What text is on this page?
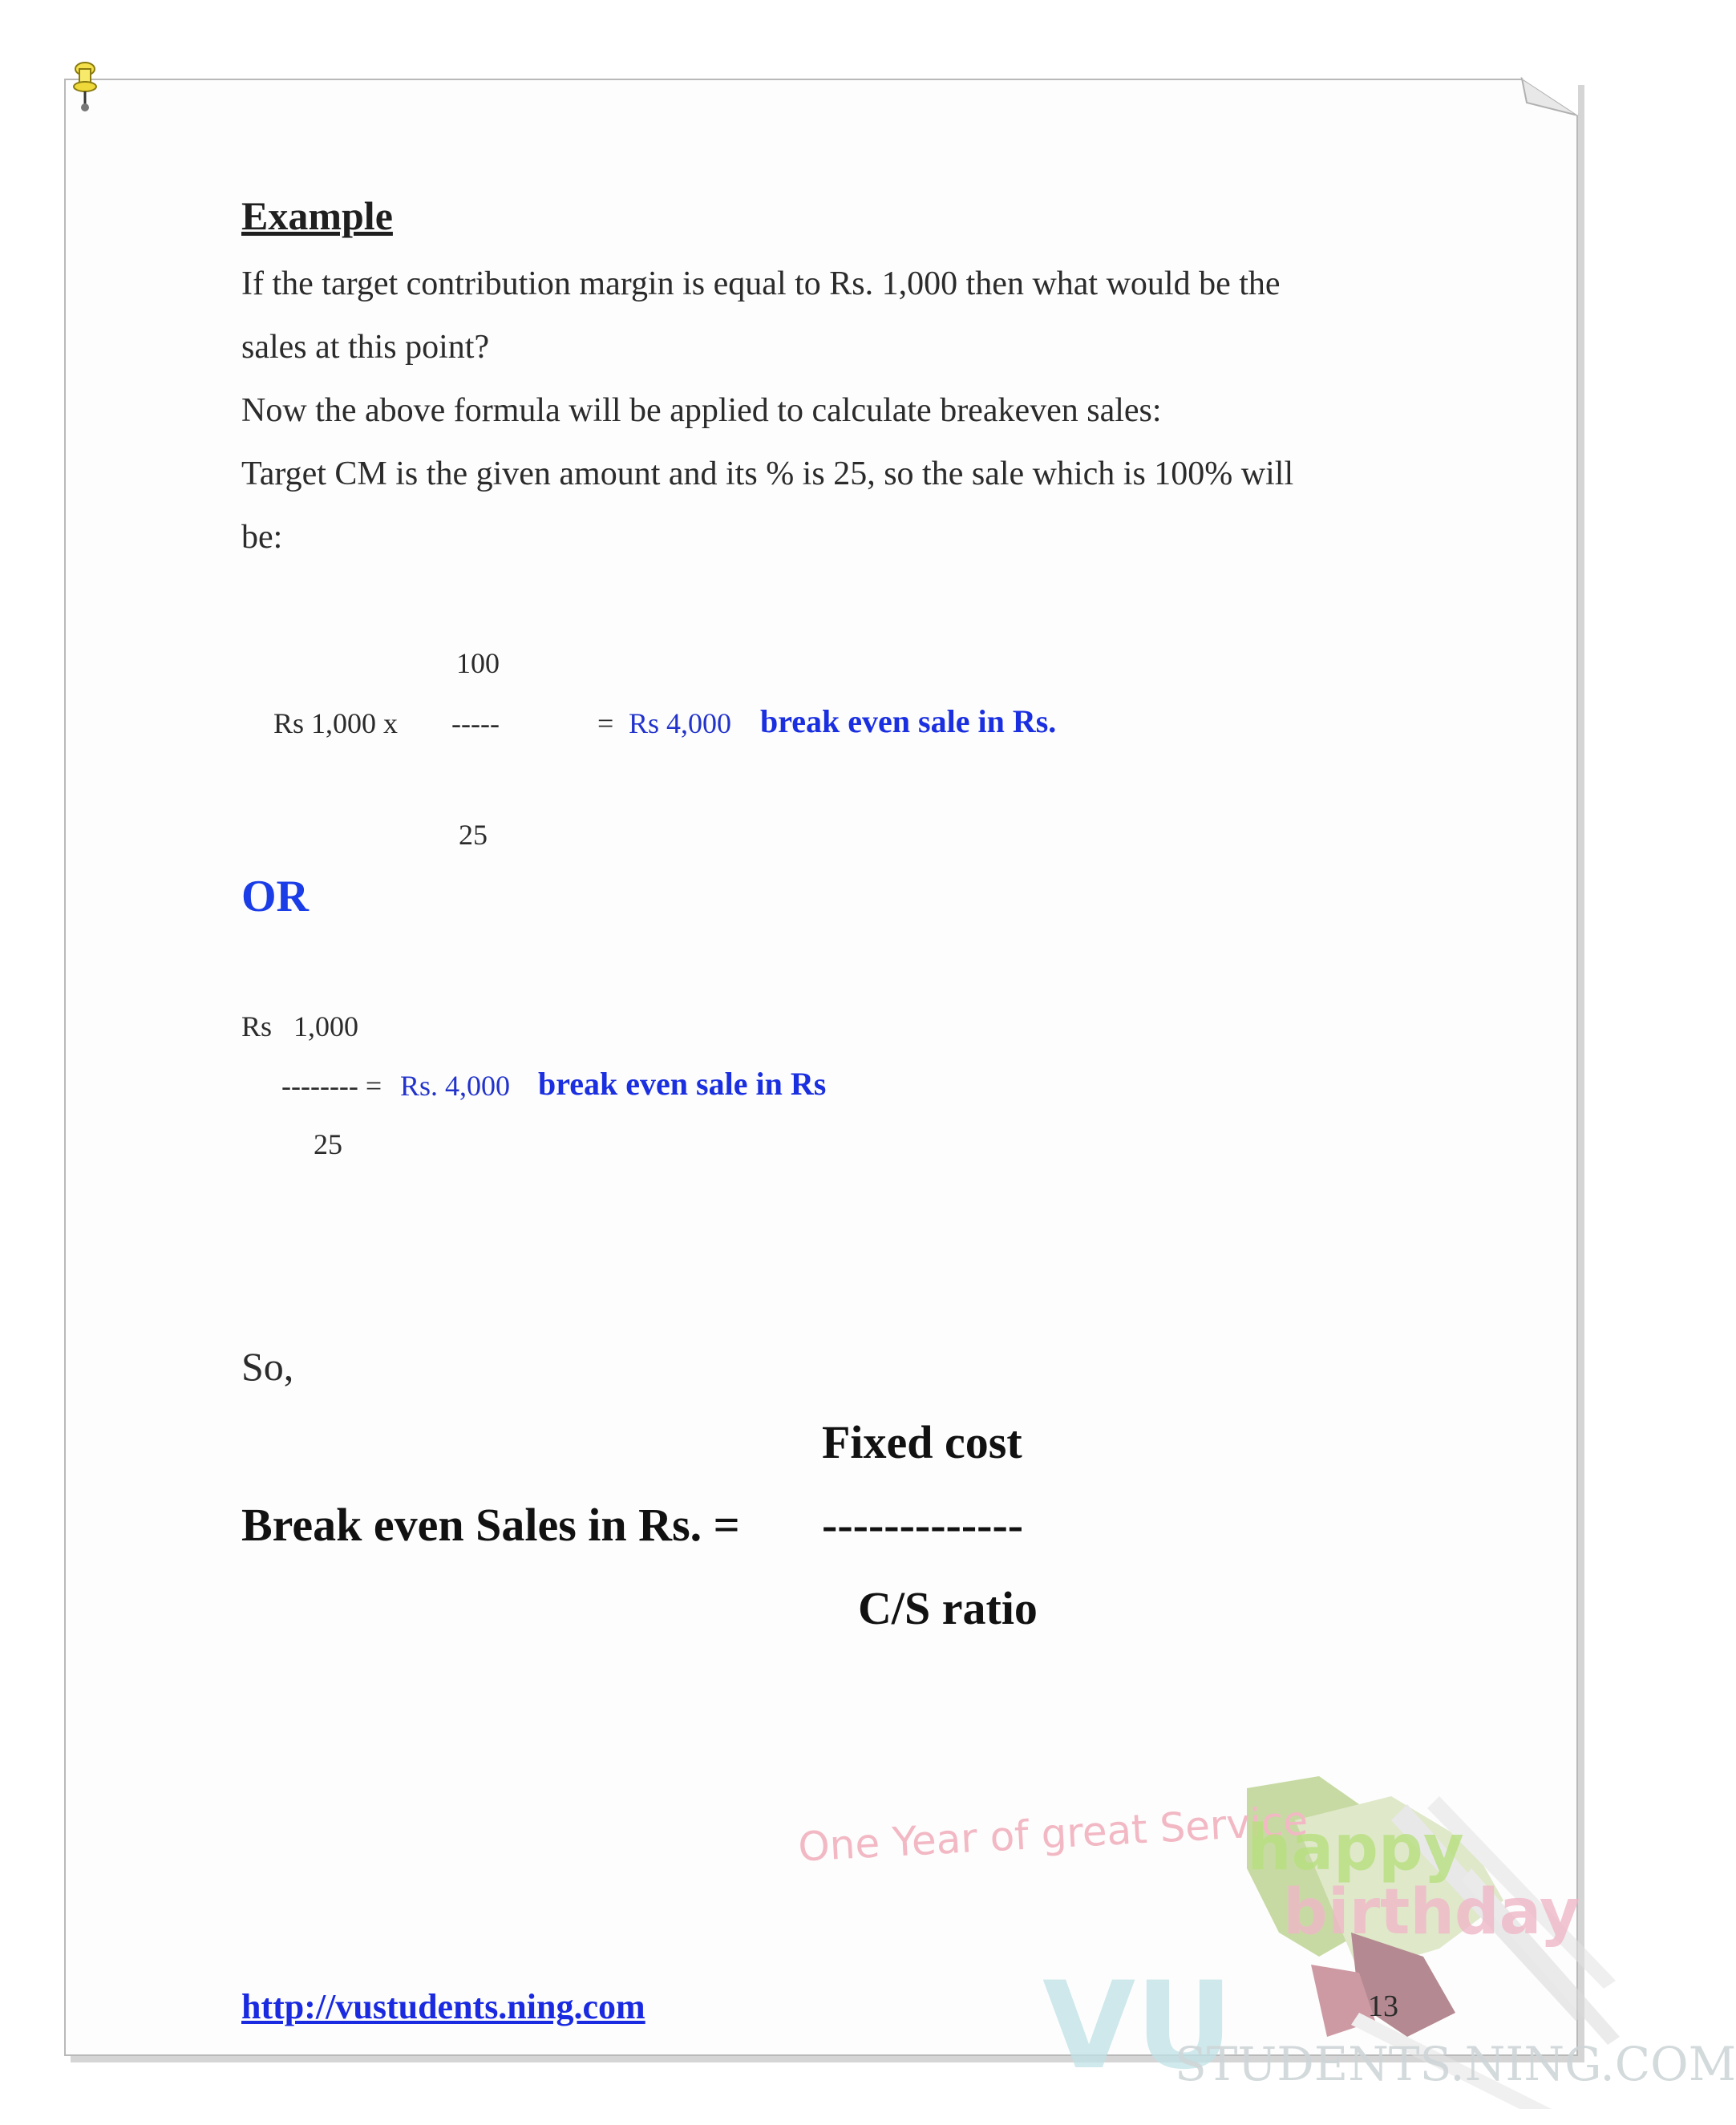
Example
If the target contribution margin is equal to Rs. 1,000 then what would be the
sales at this point?
Now the above formula will be applied to calculate breakeven sales:
Target CM is the given amount and its % is 25, so the sale which is 100% will
be:
100
Rs 1,000 x -----	= Rs 4,000 break even sale in Rs.
25
OR
Rs   1,000
-------- = Rs. 4,000 break even sale in Rs
25
So,
Fixed cost
Break even Sales in Rs. = -------------
C/S ratio
One Year of great Service
happy
birthday
VU
STUDENTS.NING.COM
http://vustudents.ning.com	13
